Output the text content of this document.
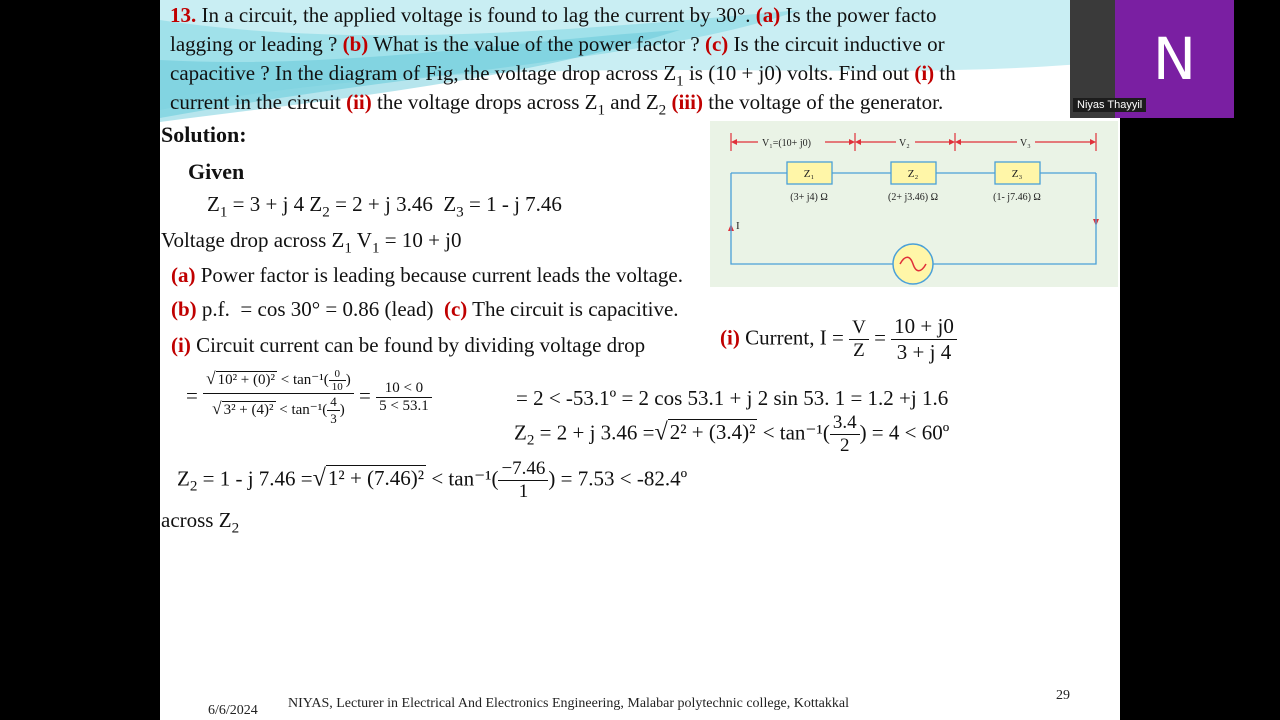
13. In a circuit, the applied voltage is found to lag the current by 30°. (a) Is the power facto
lagging or leading ? (b) What is the value of the power factor ? (c) Is the circuit inductive or
capacitive ? In the diagram of Fig, the voltage drop across $Z_1$ is (10 + j0) volts. Find out (i) th
current in the circuit (ii) the voltage drops across $Z_1$ and $Z_2$ (iii) the voltage of the generator.
Solution:
Given
$Z_1 = 3 + j$ 4 $Z_2 = 2 + j$ 3.46 $Z_3 = 1 - j$ 7.46
Voltage drop across $Z_1$ $V_1 = 10 + j0$
(a) Power factor is leading because current leads the voltage.
(b) p.f. = cos 30° = 0.86 (lead) (c) The circuit is capacitive.
(i) Circuit current can be found by dividing voltage drop	(i) Current, $I = \frac{V}{Z} = \frac{10 + j0}{3 + j 4}$
= $\frac{√ 10^2 + (0)^2 < \tan^{-1}( \frac{0}{10} )}{√ 3^2 + (4)^2 < \tan^{-1}( \frac{4}{3} )} = \frac{10 < 0}{5 < 53.1}$	= 2 < -53.1º = 2 cos 53.1 + j 2 sin 53. 1 = 1.2 +j 1.6
$Z_2 = 2 + j$ $3.46 =√2^2 + (3.4)^2 < \tan^{-1}( \frac{3.4}{2}$ ) = 4 < 60º
$Z_2 = 1 - j$ $7.46 =√1^2 + (7.46)^2 < \tan^{-1}( \frac{-7.46}{1}$ ) = 7.53 < -82.4º
across $Z_2$
6/6/2024 NIYAS, Lecturer in Electrical And Electronics Engineering, Malabar polytechnic college, Kottakkal
29
V₁=(10+ j0)	V₂	V₃
Z₁	Z₂	Z₃
(3+ j4) Ω	(2+ j3.46) Ω	(1- j7.46) Ω
I
N
Niyas Thayyil
